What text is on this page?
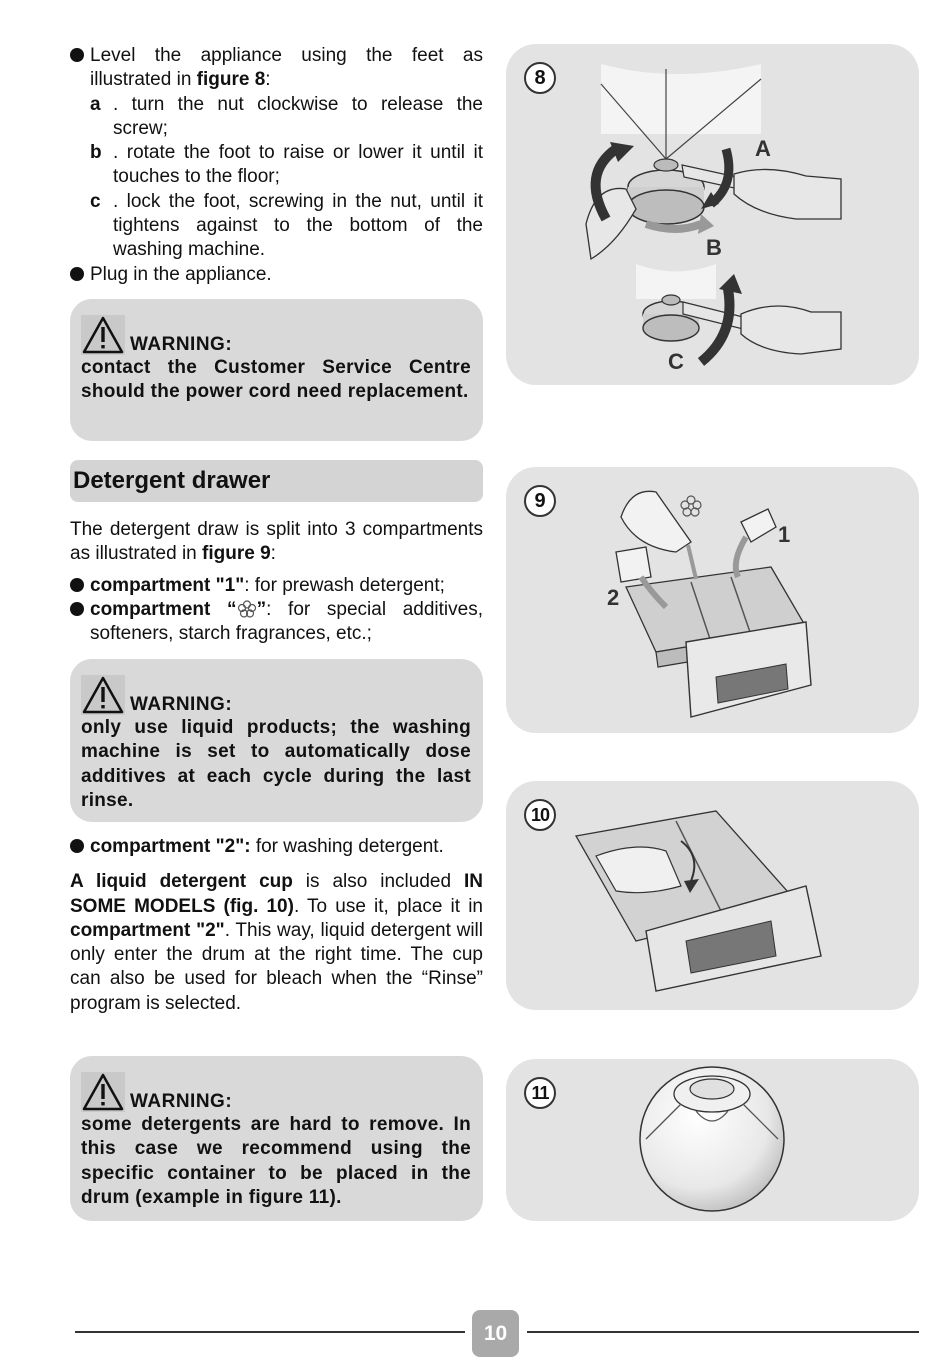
Level the appliance using the feet as illustrated in figure 8:
a . turn the nut clockwise to release the screw;
b . rotate the foot to raise or lower it until it touches to the floor;
c . lock the foot, screwing in the nut, until it tightens against to the bottom of the washing machine.
Plug in the appliance.
WARNING:
contact the Customer Service Centre should the power cord need replacement.
Detergent drawer
The detergent draw is split into 3 compartments as illustrated in figure 9:
compartment "1": for prewash detergent;
compartment “ ”: for special additives, softeners, starch fragrances, etc.;
WARNING:
only use liquid products; the washing machine is set to automatically dose additives at each cycle during the last rinse.
compartment "2": for washing detergent.
A liquid detergent cup is also included IN SOME MODELS (fig. 10). To use it, place it in compartment "2". This way, liquid detergent will only enter the drum at the right time. The cup can also be used for bleach when the “Rinse” program is selected.
WARNING:
some detergents are hard to remove. In this case we recommend using the specific container to be placed in the drum (example in figure 11).
8
A
B
C
9
1
2
10
11
10
